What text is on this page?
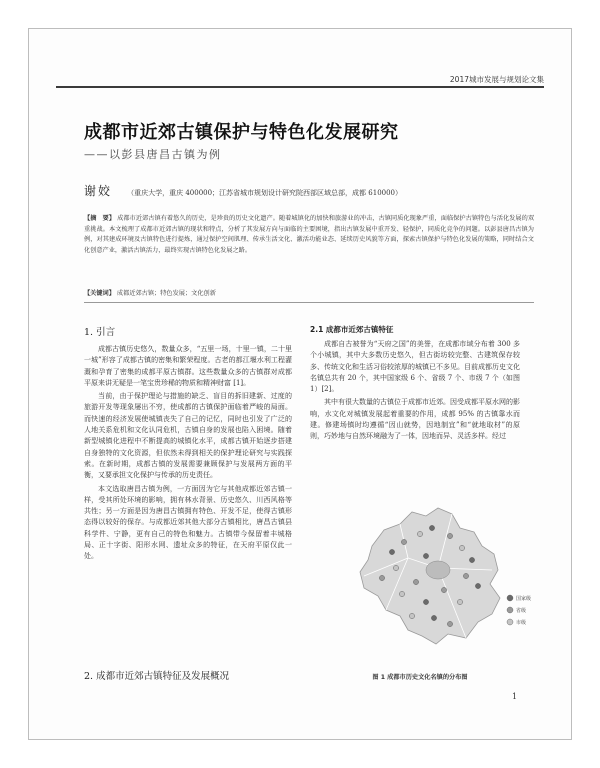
2017城市发展与规划论文集
成都市近郊古镇保护与特色化发展研究
——以彭县唐昌古镇为例
谢姣 （重庆大学，重庆 400000；江苏省城市规划设计研究院西部区域总部，成都 610000）
【摘　要】 成都市近郊古镇有着悠久的历史，是珍贵的历史文化遗产。随着城镇化的加快和旅游业的冲击，古镇同质化现象严重，面临保护古镇特色与活化发展的双重挑战。本文梳理了成都市近郊古镇的现状和特点，分析了其发展方向与面临的主要困境，指出古镇发展中重开发、轻保护，同质化竞争的问题。以彭县唐昌古镇为例，对其建成环境及古镇特色进行提炼，通过保护空间肌理、传承生活文化、激活功能业态、延续历史风貌等方面，探索古镇保护与特色化发展的策略，同时结合文化创意产业，激活古镇活力，最终实现古镇特色化发展之路。
【关键词】 成都近郊古镇；特色发展；文化创新
1. 引言

成都古镇历史悠久，数量众多，“五里一场，十里一镇，二十里一城”形容了成都古镇的密集和繁荣程度。古老的都江堰水利工程灌溉和孕育了密集的成都平原古镇群。这些数量众多的古镇群对成都平原来讲无疑是一笔宝贵珍稀的物质和精神财富 [1]。

当前，由于保护理论与措施的缺乏、盲目的拆旧建新、过度的旅游开发等现象屡出不穷，使成都的古镇保护面临着严峻的局面。而快速的经济发展使城镇丧失了自己的记忆，同时也引发了广泛的人地关系危机和文化认同危机，古镇自身的发展也陷入困境。随着新型城镇化进程中不断提高的城镇化水平，成都古镇开始逐步搭建自身独特的文化资源，但依然未得到相关的保护理论研究与实践探索。在新时期，成都古镇的发展需要兼顾保护与发展两方面的平衡，又要承担文化保护与传承的历史责任。

本文选取唐昌古镇为例，一方面因为它与其他成都近郊古镇一样，受其所处环境的影响，拥有林水背景、历史悠久、川西风格等共性；另一方面是因为唐昌古镇拥有特色、开发不足，使得古镇形态得以较好的保存。与成都近郊其他大部分古镇相比，唐昌古镇县科学件、宁静，更有自己的特色和魅力。古镇带今保留着丰城格局、正十字街、阳形水网、遗址众多的特征，在天府平原仅此一处。

2. 成都市近郊古镇特征及发展概况
2.1 成都市近郊古镇特征

成都自古被誉为“天府之国”的美誉，在成都市域分布着 300 多个小城镇，其中大多数历史悠久，但古街坊较完整、古建筑保存较多、传统文化和生活习俗较浓厚的城镇已不多见。目前成都历史文化名镇总共有 20 个，其中国家级 6 个、省级 7 个、市级 7 个（如图 1）[2]。

其中有很大数量的古镇位于成都市近郊。因受成都平原水网的影响，水文化对城镇发展起着重要的作用，成都 95% 的古镇靠水而建。修建场镇时均遵循“因山就势，因地制宜”和“就地取材”的原则，巧妙地与自然环境融为了一体，因地而异、灵活多样。经过

国家级
省级
市级
图 1 成都市历史文化名镇的分布图
1
